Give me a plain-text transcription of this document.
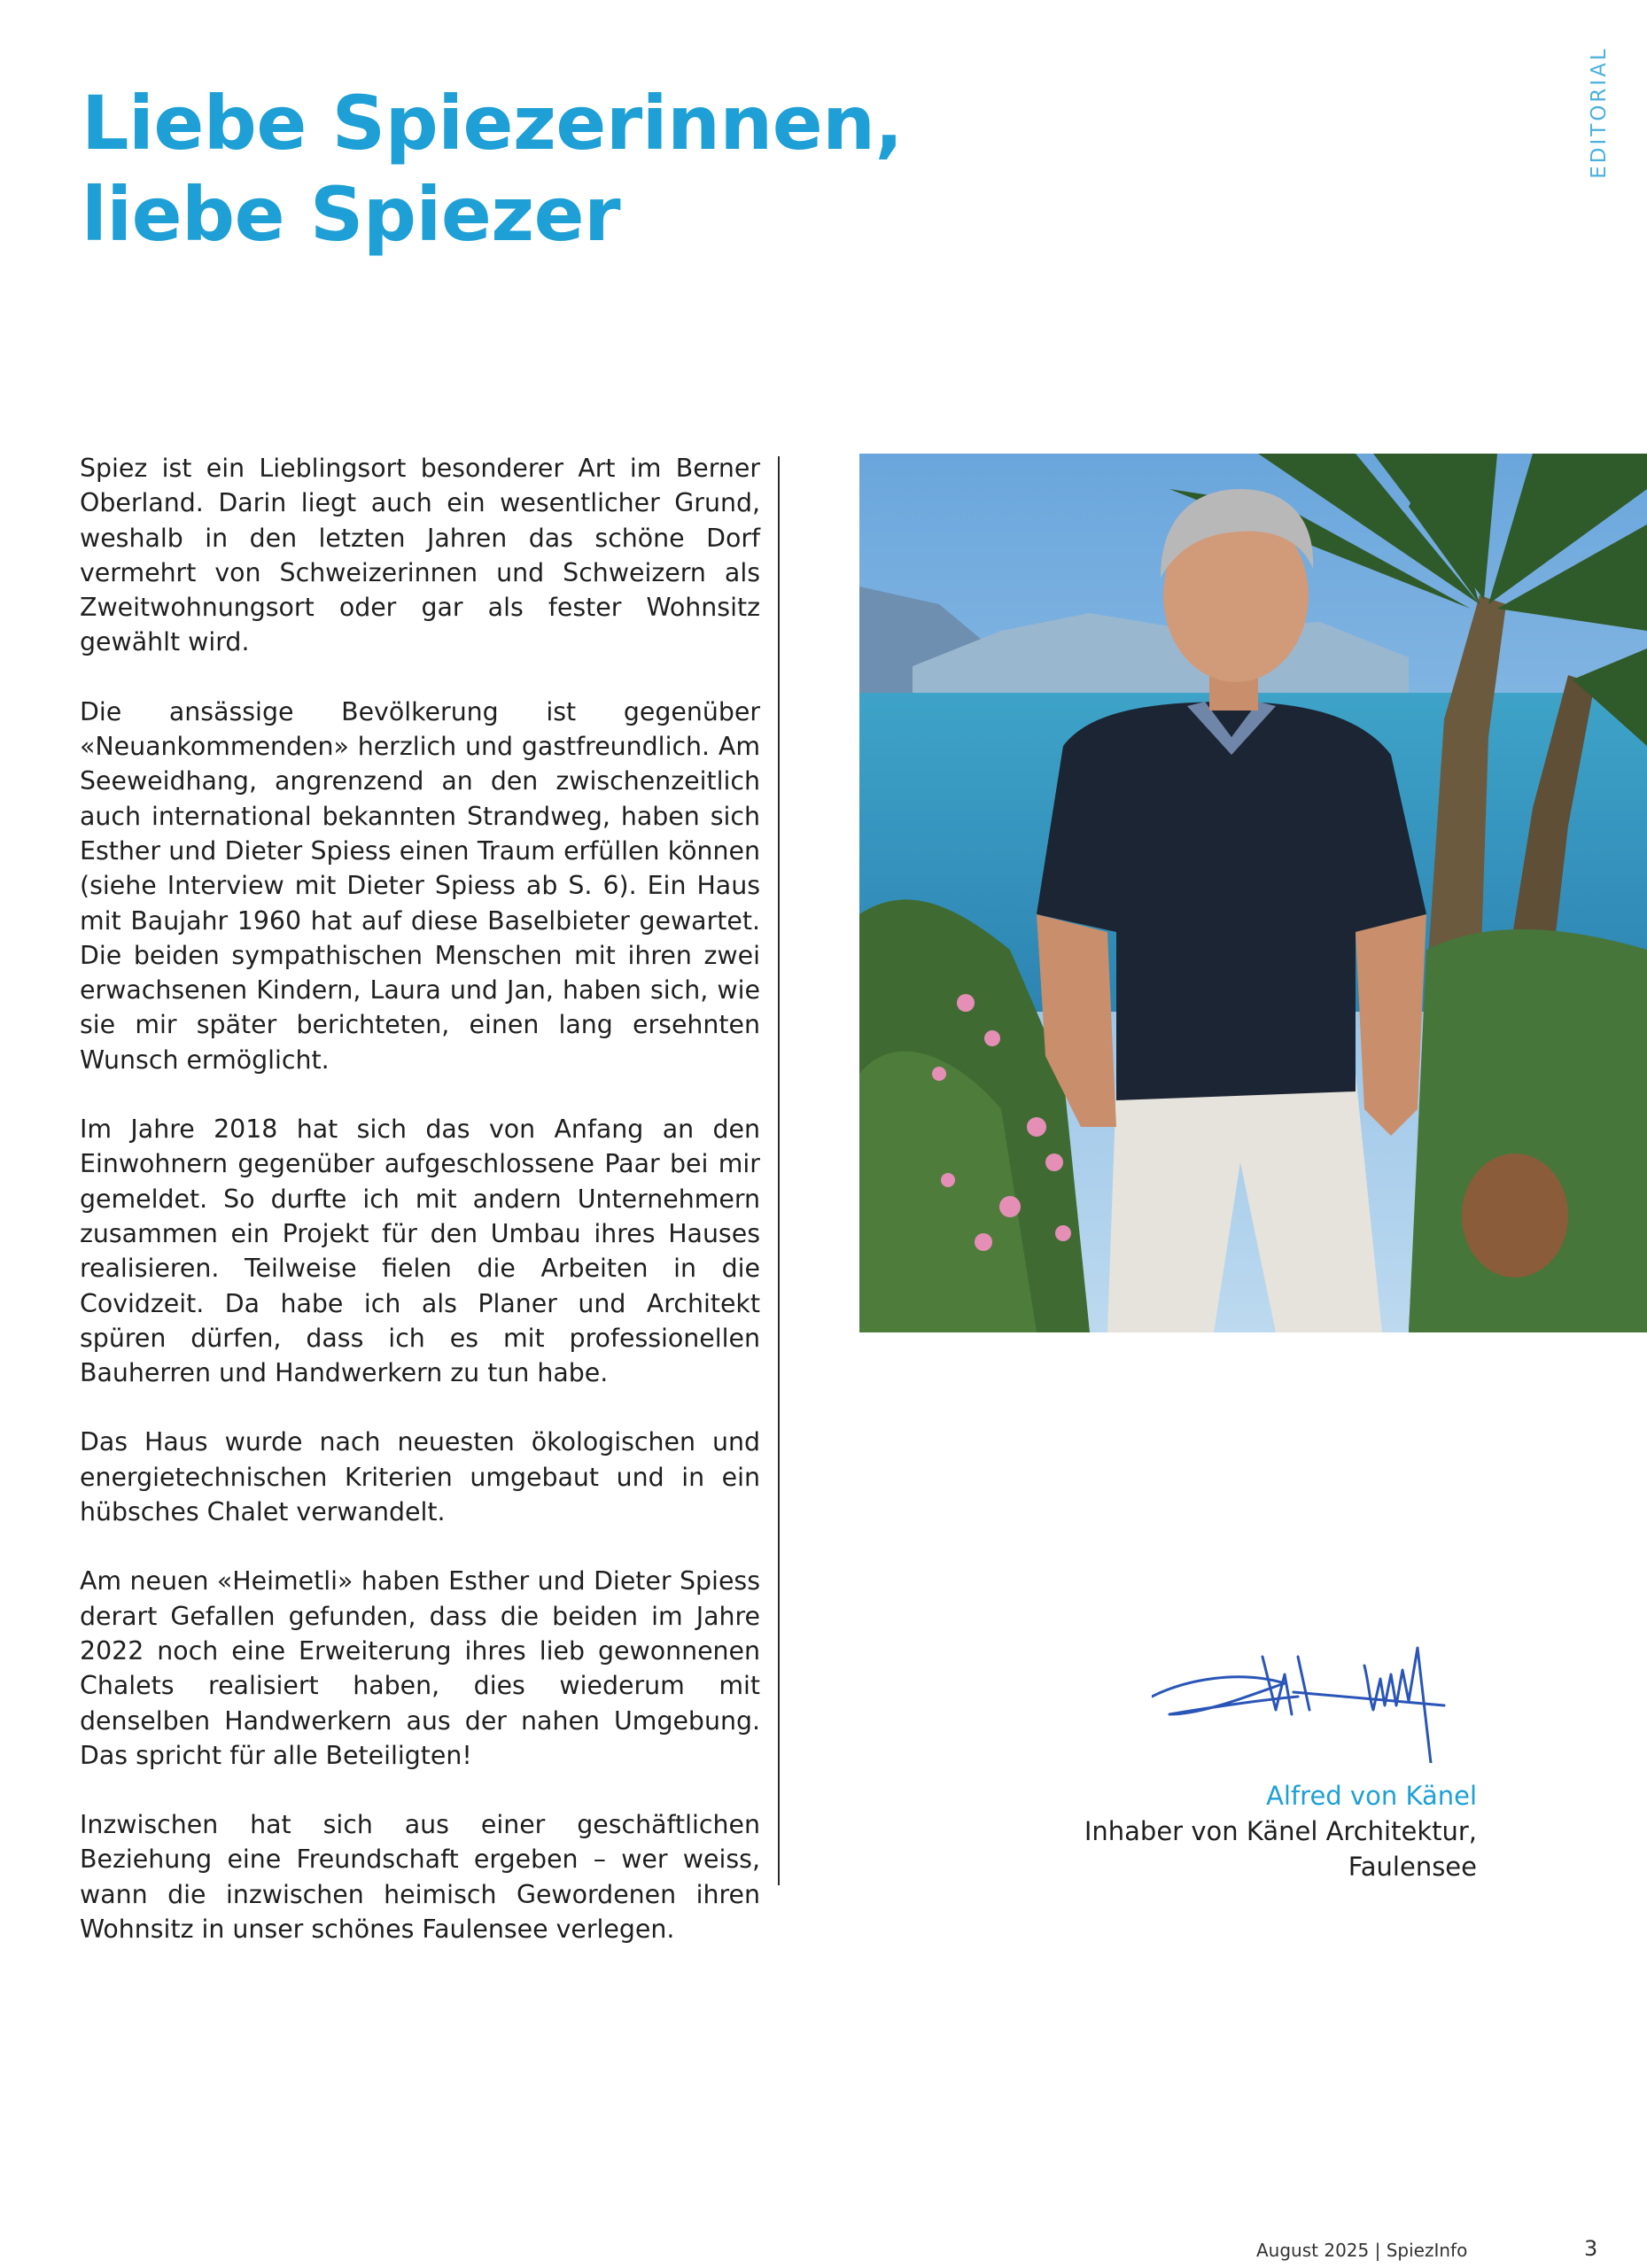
Liebe Spiezerinnen,
liebe Spiezer
EDITORIAL

Spiez ist ein Lieblingsort besonderer Art im Berner Oberland. Darin liegt auch ein wesentlicher Grund, weshalb in den letzten Jahren das schöne Dorf vermehrt von Schweizerinnen und Schweizern als Zweitwohnungsort oder gar als fester Wohnsitz gewählt wird.

Die ansässige Bevölkerung ist gegenüber «Neuankommenden» herzlich und gastfreundlich. Am Seeweidhang, angrenzend an den zwischenzeitlich auch international bekannten Strandweg, haben sich Esther und Dieter Spiess einen Traum erfüllen können (siehe Interview mit Dieter Spiess ab S. 6). Ein Haus mit Baujahr 1960 hat auf diese Baselbieter gewartet. Die beiden sympathischen Menschen mit ihren zwei erwachsenen Kindern, Laura und Jan, haben sich, wie sie mir später berichteten, einen lang ersehnten Wunsch ermöglicht.

Im Jahre 2018 hat sich das von Anfang an den Einwohnern gegenüber aufgeschlossene Paar bei mir gemeldet. So durfte ich mit andern Unternehmern zusammen ein Projekt für den Umbau ihres Hauses realisieren. Teilweise fielen die Arbeiten in die Covidzeit. Da habe ich als Planer und Architekt spüren dürfen, dass ich es mit professionellen Bauherren und Handwerkern zu tun habe.

Das Haus wurde nach neuesten ökologischen und energietechnischen Kriterien umgebaut und in ein hübsches Chalet verwandelt.

Am neuen «Heimetli» haben Esther und Dieter Spiess derart Gefallen gefunden, dass die beiden im Jahre 2022 noch eine Erweiterung ihres lieb gewonnenen Chalets realisiert haben, dies wiederum mit denselben Handwerkern aus der nahen Umgebung. Das spricht für alle Beteiligten!

Inzwischen hat sich aus einer geschäftlichen Beziehung eine Freundschaft ergeben – wer weiss, wann die inzwischen heimisch Gewordenen ihren Wohnsitz in unser schönes Faulensee verlegen.

Alfred von Känel
Inhaber von Känel Architektur,
Faulensee
August 2025 | SpiezInfo	3
